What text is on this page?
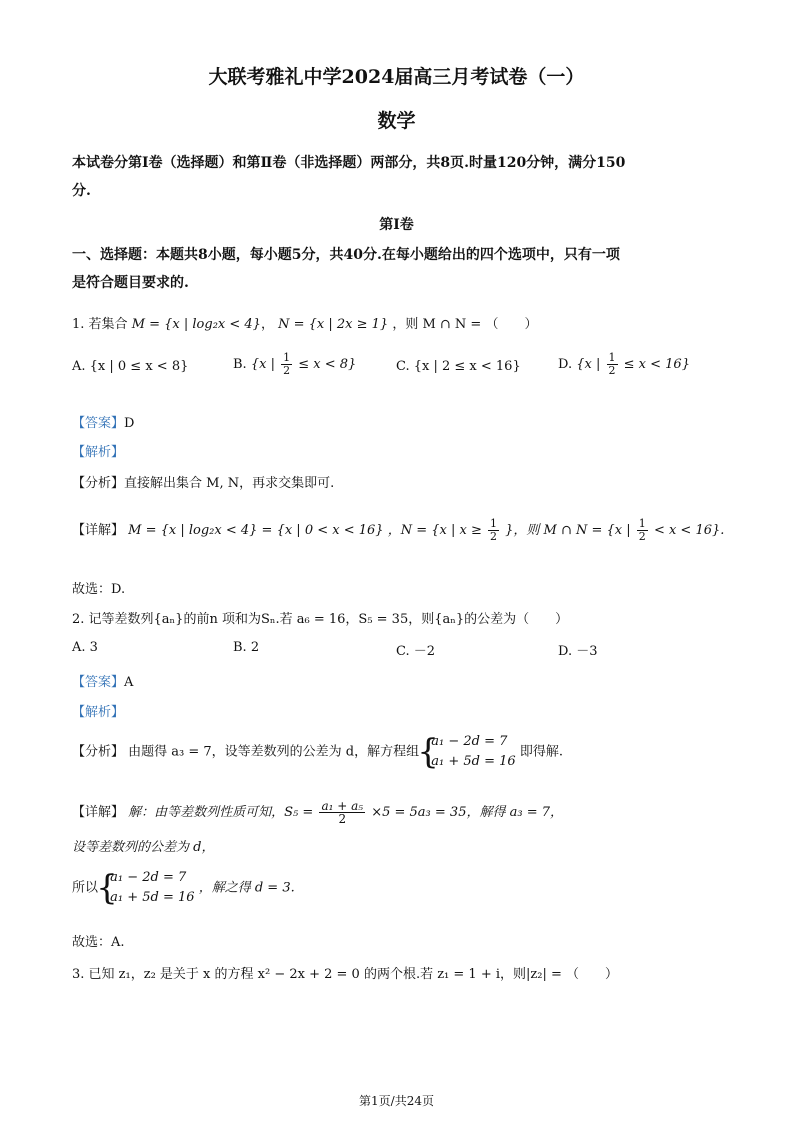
大联考雅礼中学2024届高三月考试卷（一）
数学
本试卷分第Ⅰ卷（选择题）和第Ⅱ卷（非选择题）两部分，共8页.时量120分钟，满分150
分.
第Ⅰ卷
一、选择题：本题共8小题，每小题5分，共40分.在每小题给出的四个选项中，只有一项
是符合题目要求的.
1. 若集合 M = {x | log₂x < 4}， N = {x | 2x ≥ 1} ，则 M ∩ N = （　　）
A. {x | 0 ≤ x < 8}	B. {x | $\frac{1}{2} \le x < 8$}	C. {x | 2 ≤ x < 16}	D. {x | $\frac{1}{2} \le x < 16$}
【答案】D
【解析】
【分析】直接解出集合 M, N，再求交集即可.
【详解】 M = {x | log₂x < 4} = {x | 0 < x < 16} ，N = {x | $x \ge \frac{1}{2}$ }，则 M ∩ N = {x | $\frac{1}{2} < x < 16$}.
故选：D.
2. 记等差数列{aₙ}的前n 项和为Sₙ.若 a₆ = 16，S₅ = 35，则{aₙ}的公差为（　　）
A. 3	B. 2	C. －2	D. －3
【答案】A
【解析】
【分析】 由题得 a₃ = 7，设等差数列的公差为 d，解方程组
{ a₁ − 2d = 7
a₁ + 5d = 16
即得解.
【详解】 解：由等差数列性质可知，$S_5 = \frac{\text{a₁ + a₅}}{2} \times 5 = 5a_3 = 35$，解得 a₃ = 7，
设等差数列的公差为 d，
所以
{ a₁ − 2d = 7
a₁ + 5d = 16
，解之得 d = 3.
故选：A.
3. 已知 z₁，z₂ 是关于 x 的方程 x² − 2x + 2 = 0 的两个根.若 z₁ = 1 + i，则|z₂| = （　　）
第1页/共24页
